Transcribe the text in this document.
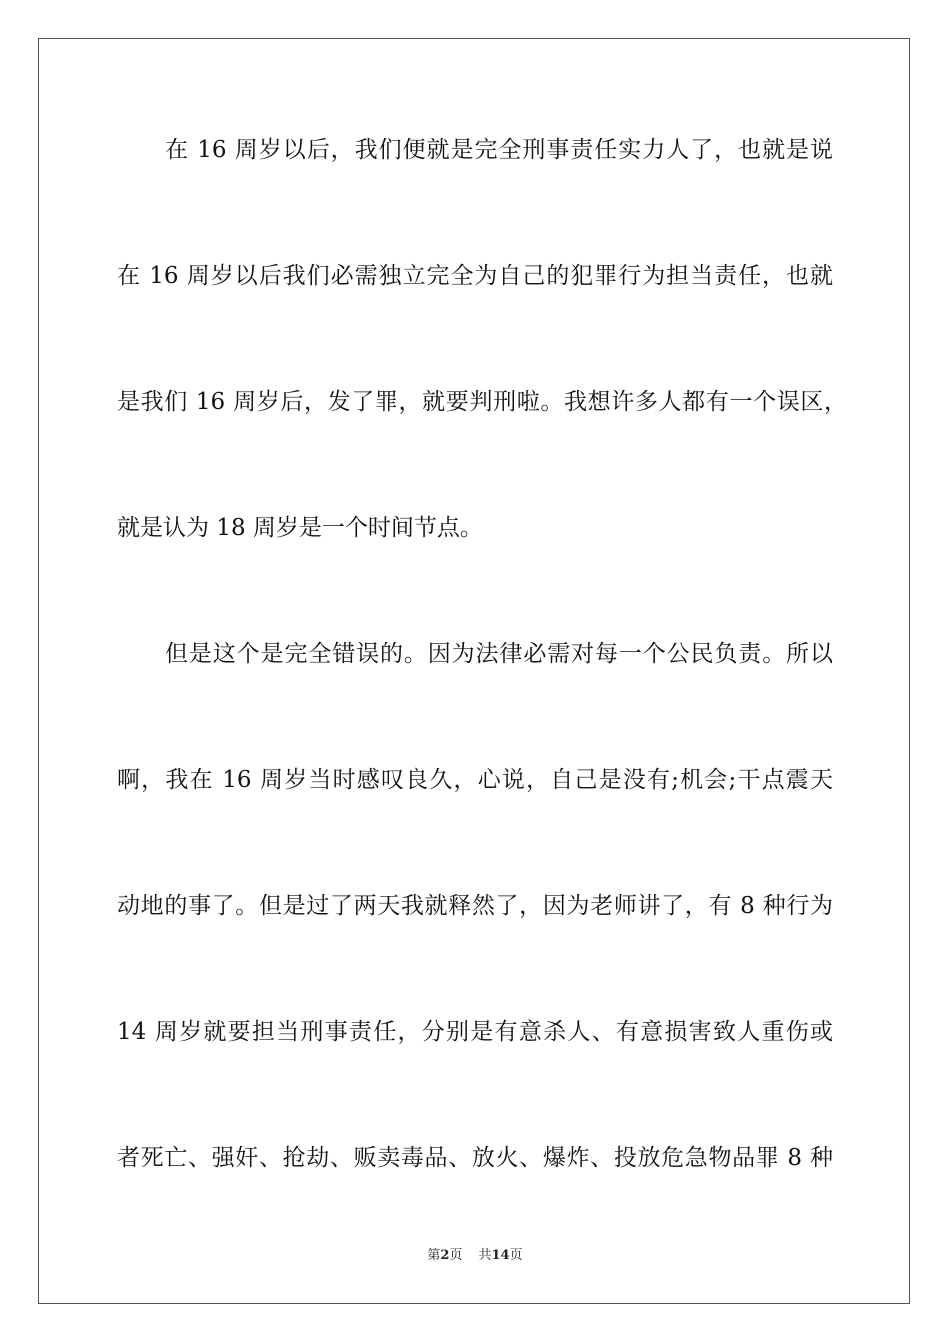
在 16 周岁以后，我们便就是完全刑事责任实力人了，也就是说
在 16 周岁以后我们必需独立完全为自己的犯罪行为担当责任，也就
是我们 16 周岁后，发了罪，就要判刑啦。我想许多人都有一个误区，
就是认为 18 周岁是一个时间节点。
但是这个是完全错误的。因为法律必需对每一个公民负责。所以
啊，我在 16 周岁当时感叹良久，心说，自己是没有;机会;干点震天
动地的事了。但是过了两天我就释然了，因为老师讲了，有 8 种行为
14 周岁就要担当刑事责任，分别是有意杀人、有意损害致人重伤或
者死亡、强奸、抢劫、贩卖毒品、放火、爆炸、投放危急物品罪 8 种
第2页 共14页
